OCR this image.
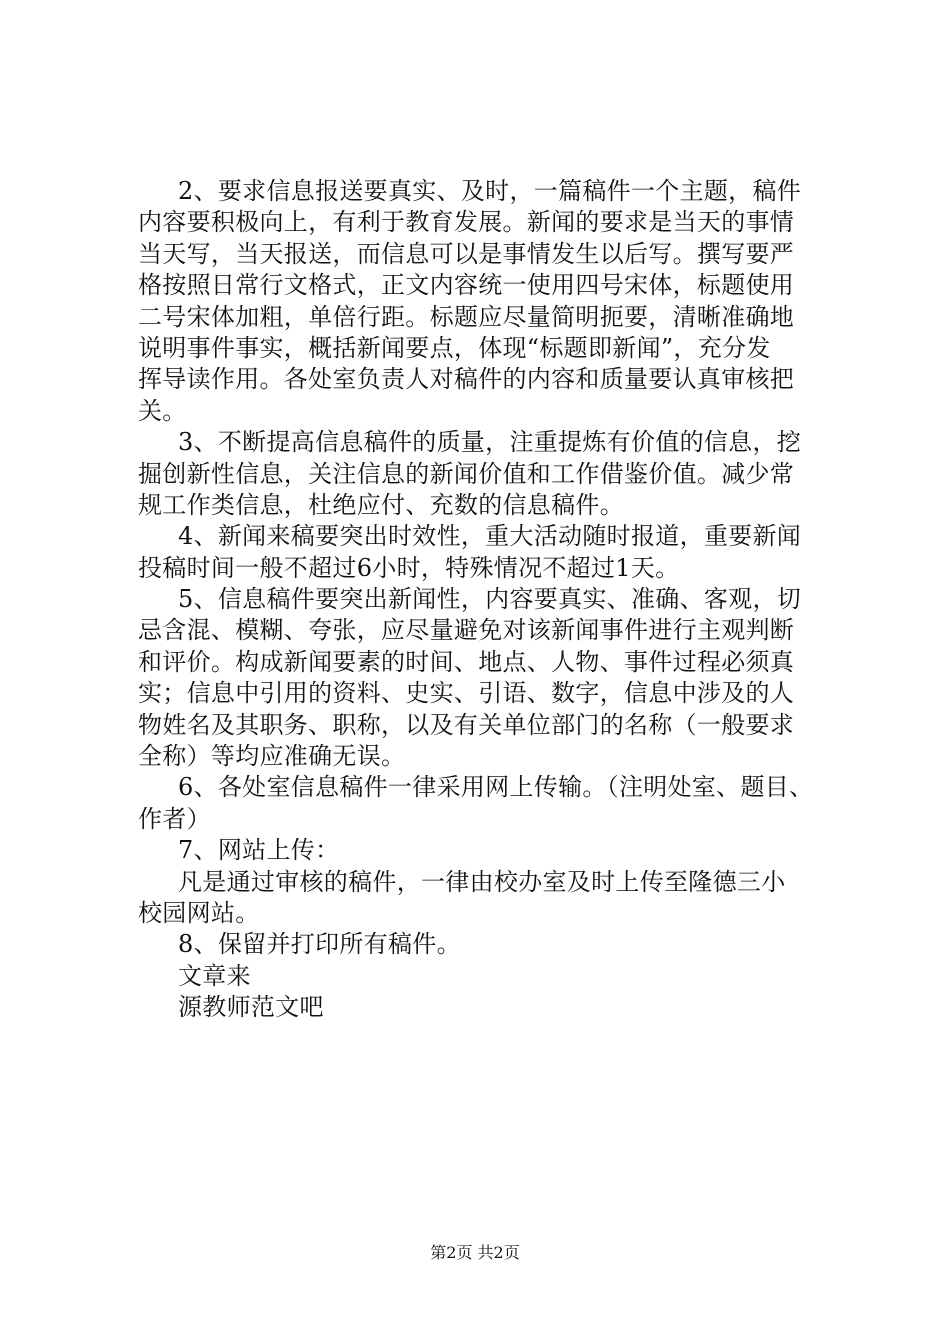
2、要求信息报送要真实、及时，一篇稿件一个主题，稿件
内容要积极向上，有利于教育发展。新闻的要求是当天的事情
当天写，当天报送，而信息可以是事情发生以后写。撰写要严
格按照日常行文格式，正文内容统一使用四号宋体，标题使用
二号宋体加粗，单倍行距。标题应尽量简明扼要，清晰准确地
说明事件事实，概括新闻要点，体现“标题即新闻”，充分发
挥导读作用。各处室负责人对稿件的内容和质量要认真审核把
关。
3、不断提高信息稿件的质量，注重提炼有价值的信息，挖
掘创新性信息，关注信息的新闻价值和工作借鉴价值。减少常
规工作类信息，杜绝应付、充数的信息稿件。
4、新闻来稿要突出时效性，重大活动随时报道，重要新闻
投稿时间一般不超过6小时，特殊情况不超过1天。
5、信息稿件要突出新闻性，内容要真实、准确、客观，切
忌含混、模糊、夸张，应尽量避免对该新闻事件进行主观判断
和评价。构成新闻要素的时间、地点、人物、事件过程必须真
实；信息中引用的资料、史实、引语、数字，信息中涉及的人
物姓名及其职务、职称，以及有关单位部门的名称（一般要求
全称）等均应准确无误。
6、各处室信息稿件一律采用网上传输。（注明处室、题目、
作者）
7、网站上传：
凡是通过审核的稿件，一律由校办室及时上传至隆德三小
校园网站。
8、保留并打印所有稿件。
文章来
源教师范文吧
第2页 共2页
